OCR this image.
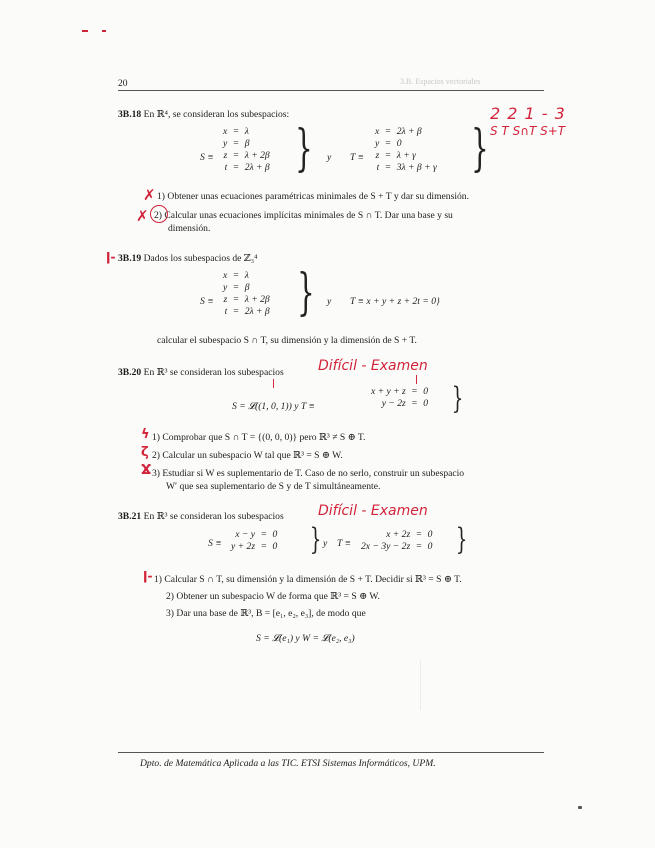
20	3.B. Espacios vectoriales
3B.18 En ℝ⁴, se consideran los subespacios:
S ≡
x	=	λ
y	=	β
z	=	λ + 2β
t	=	2λ + β } y T ≡
x	=	2λ + β
y	=	0
z	=	λ + γ
t	=	3λ + β + γ }
2 2 1 - 3
S T S∩T S+T
✗ 1) Obtener unas ecuaciones paramétricas minimales de S + T y dar su dimensión.
✗ 2) Calcular unas ecuaciones implícitas minimales de S ∩ T. Dar una base y su
dimensión.
ǀ- 3B.19 Dados los subespacios de ℤ₃⁴
S ≡
x	=	λ
y	=	β
z	=	λ + 2β
t	=	2λ + β } y T ≡ x + y + z + 2t = 0}
calcular el subespacio S ∩ T, su dimensión y la dimensión de S + T.
3B.20 En ℝ³ se consideran los subespacios Difícil - Examen
ǀ	ǀ
S = 𝓛((1, 0, 1)) y T ≡
x + y + z	=	0
y − 2z	=	0 }
ϟ 1) Comprobar que S ∩ T = {(0, 0, 0)} pero ℝ³ ≠ S ⊕ T.
ζ 2) Calcular un subespacio W tal que ℝ³ = S ⊕ W.
Ϫ 3) Estudiar si W es suplementario de T. Caso de no serlo, construir un subespacio
W′ que sea suplementario de S y de T simultáneamente.
3B.21 En ℝ³ se consideran los subespacios Difícil - Examen
S ≡
x − y	=	0
y + 2z	=	0 } y T ≡
x + 2z	=	0
2x − 3y − 2z	=	0 }
ǀ- 1) Calcular S ∩ T, su dimensión y la dimensión de S + T. Decidir si ℝ³ = S ⊕ T.
2) Obtener un subespacio W de forma que ℝ³ = S ⊕ W.
3) Dar una base de ℝ³, B = [e₁, e₂, e₃], de modo que
S = 𝓛(e₁) y W = 𝓛(e₂, e₃)
Dpto. de Matemática Aplicada a las TIC. ETSI Sistemas Informáticos, UPM.
